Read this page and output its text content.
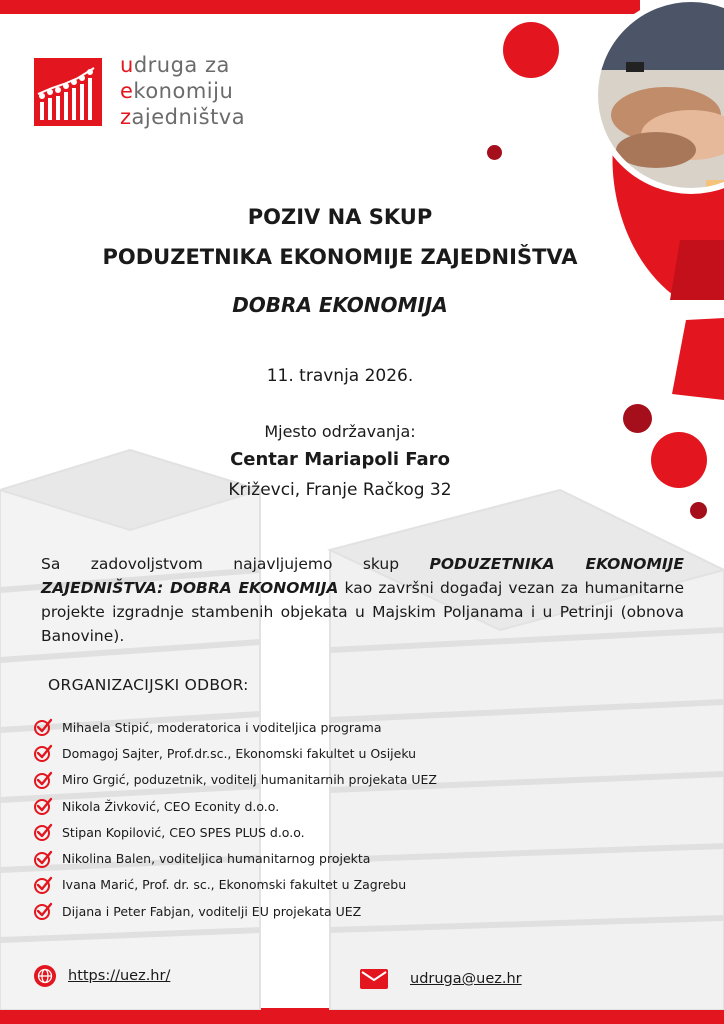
udruga za
ekonomiju
zajedništva
POZIV NA SKUP
PODUZETNIKA EKONOMIJE ZAJEDNIŠTVA
DOBRA EKONOMIJA
11. travnja 2026.
Mjesto održavanja:
Centar Mariapoli Faro
Križevci, Franje Račkog 32
Sa zadovoljstvom najavljujemo skup PODUZETNIKA EKONOMIJE ZAJEDNIŠTVA: DOBRA EKONOMIJA kao završni događaj vezan za humanitarne projekte izgradnje stambenih objekata u Majskim Poljanama i u Petrinji (obnova Banovine).
ORGANIZACIJSKI ODBOR:
Mihaela Stipić, moderatorica i voditeljica programa
Domagoj Sajter, Prof.dr.sc., Ekonomski fakultet u Osijeku
Miro Grgić, poduzetnik, voditelj humanitarnih projekata UEZ
Nikola Živković, CEO Econity d.o.o.
Stipan Kopilović, CEO SPES PLUS d.o.o.
Nikolina Balen, voditeljica humanitarnog projekta
Ivana Marić, Prof. dr. sc., Ekonomski fakultet u Zagrebu
Dijana i Peter Fabjan, voditelji EU projekata UEZ
https://uez.hr/	udruga@uez.hr
